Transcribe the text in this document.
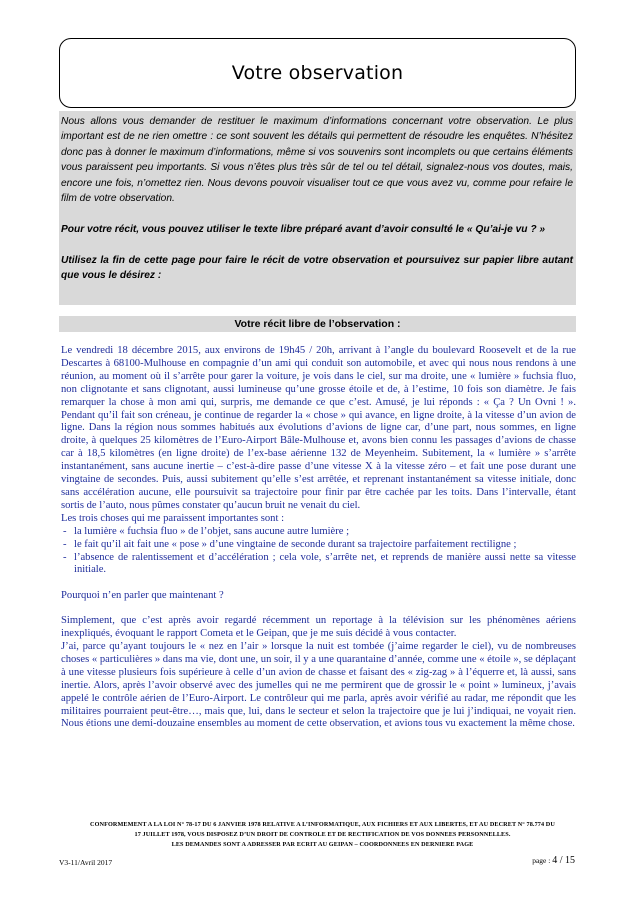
Votre observation

Nous allons vous demander de restituer le maximum d’informations concernant votre observation. Le plus important est de ne rien omettre : ce sont souvent les détails qui permettent de résoudre les enquêtes. N’hésitez donc pas à donner le maximum d’informations, même si vos souvenirs sont incomplets ou que certains éléments vous paraissent peu importants. Si vous n’êtes plus très sûr de tel ou tel détail, signalez-nous vos doutes, mais, encore une fois, n’omettez rien. Nous devons pouvoir visualiser tout ce que vous avez vu, comme pour refaire le film de votre observation.

Pour votre récit, vous pouvez utiliser le texte libre préparé avant d’avoir consulté le « Qu’ai-je vu ? »

Utilisez la fin de cette page pour faire le récit de votre observation et poursuivez sur papier libre autant que vous le désirez :

Votre récit libre de l’observation :

Le vendredi 18 décembre 2015, aux environs de 19h45 / 20h, arrivant à l’angle du boulevard Roosevelt et de la rue Descartes à 68100-Mulhouse en compagnie d’un ami qui conduit son automobile, et avec qui nous nous rendons à une réunion, au moment où il s’arrête pour garer la voiture, je vois dans le ciel, sur ma droite, une « lumière » fuchsia fluo, non clignotante et sans clignotant, aussi lumineuse qu’une grosse étoile et de, à l’estime, 10 fois son diamètre. Je fais remarquer la chose à mon ami qui, surpris, me demande ce que c’est. Amusé, je lui réponds : « Ça ? Un Ovni ! ». Pendant qu’il fait son créneau, je continue de regarder la « chose » qui avance, en ligne droite, à la vitesse d’un avion de ligne. Dans la région nous sommes habitués aux évolutions d’avions de ligne car, d’une part, nous sommes, en ligne droite, à quelques 25 kilomètres de l’Euro-Airport Bâle-Mulhouse et, avons bien connu les passages d’avions de chasse car à 18,5 kilomètres (en ligne droite) de l’ex-base aérienne 132 de Meyenheim. Subitement, la « lumière » s’arrête instantanément, sans aucune inertie – c’est-à-dire passe d’une vitesse X à la vitesse zéro – et fait une pose durant une vingtaine de secondes. Puis, aussi subitement qu’elle s’est arrêtée, et reprenant instantanément sa vitesse initiale, donc sans accélération aucune, elle poursuivit sa trajectoire pour finir par être cachée par les toits. Dans l’intervalle, étant sortis de l’auto, nous pûmes constater qu’aucun bruit ne venait du ciel.

Les trois choses qui me paraissent importantes sont :

- la lumière « fuchsia fluo » de l’objet, sans aucune autre lumière ;
- le fait qu’il ait fait une « pose » d’une vingtaine de seconde durant sa trajectoire parfaitement rectiligne ;
- l’absence de ralentissement et d’accélération ; cela vole, s’arrête net, et reprends de manière aussi nette sa vitesse initiale.

Pourquoi n’en parler que maintenant ?

Simplement, que c’est après avoir regardé récemment un reportage à la télévision sur les phénomènes aériens inexpliqués, évoquant le rapport Cometa et le Geipan, que je me suis décidé à vous contacter.

J’ai, parce qu’ayant toujours le « nez en l’air » lorsque la nuit est tombée (j’aime regarder le ciel), vu de nombreuses choses « particulières » dans ma vie, dont une, un soir, il y a une quarantaine d’année, comme une « étoile », se déplaçant à une vitesse plusieurs fois supérieure à celle d’un avion de chasse et faisant des « zig-zag » à l’équerre et, là aussi, sans inertie. Alors, après l’avoir observé avec des jumelles qui ne me permirent que de grossir le « point » lumineux, j’avais appelé le contrôle aérien de l’Euro-Airport. Le contrôleur qui me parla, après avoir vérifié au radar, me répondit que les militaires pourraient peut-être…, mais que, lui, dans le secteur et selon la trajectoire que je lui j’indiquai, ne voyait rien. Nous étions une demi-douzaine ensembles au moment de cette observation, et avions tous vu exactement la même chose.

CONFORMEMENT A LA LOI N° 78-17 DU 6 JANVIER 1978 RELATIVE A L’INFORMATIQUE, AUX FICHIERS ET AUX LIBERTES, ET AU DECRET N° 78.774 DU
17 JUILLET 1978, VOUS DISPOSEZ D’UN DROIT DE CONTROLE ET DE RECTIFICATION DE VOS DONNEES PERSONNELLES.
LES DEMANDES SONT A ADRESSER PAR ECRIT AU GEIPAN – COORDONNEES EN DERNIERE PAGE
V3-11/Avril 2017	page : 4 / 15
